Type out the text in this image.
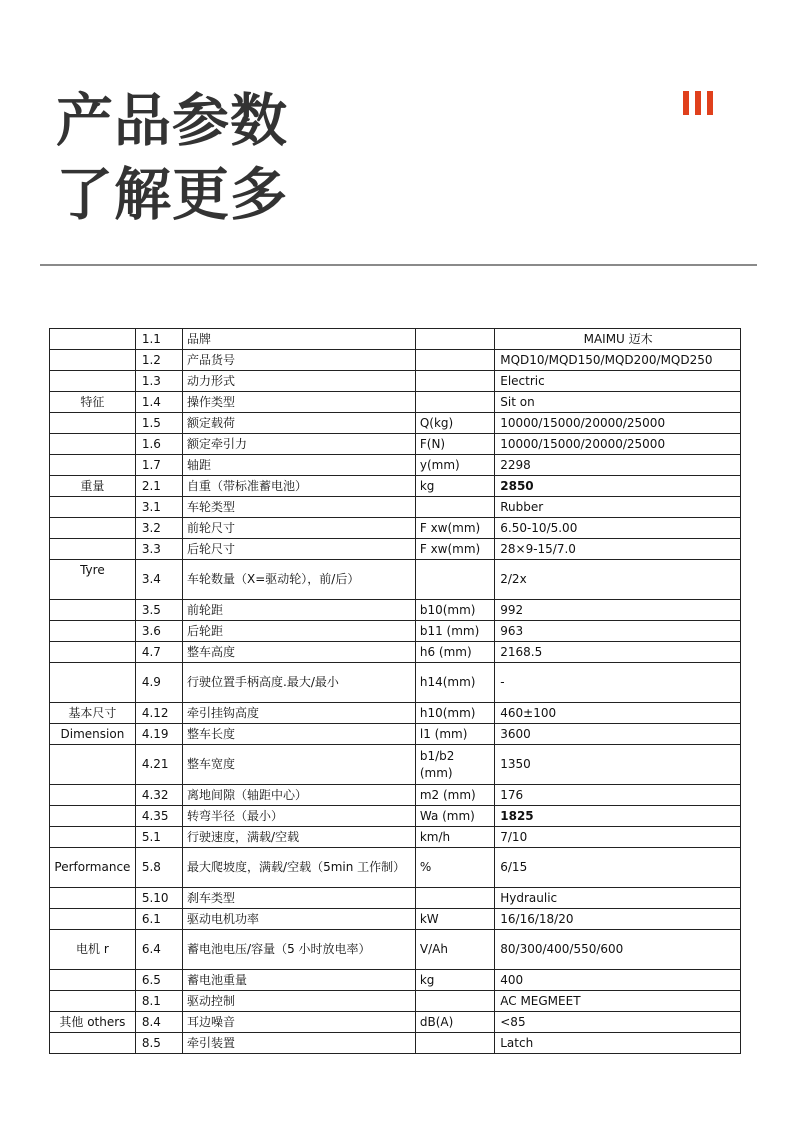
产品参数
了解更多
	1.1	品牌		MAIMU 迈木
	1.2	产品货号		MQD10/MQD150/MQD200/MQD250
	1.3	动力形式		Electric
特征	1.4	操作类型		Sit on
	1.5	额定载荷	Q(kg)	10000/15000/20000/25000
	1.6	额定牵引力	F(N)	10000/15000/20000/25000
	1.7	轴距	y(mm)	2298
重量	2.1	自重（带标准蓄电池）	kg	2850
	3.1	车轮类型		Rubber
	3.2	前轮尺寸	F xw(mm)	6.50-10/5.00
	3.3	后轮尺寸	F xw(mm)	28×9-15/7.0
Tyre	3.4	车轮数量（X=驱动轮），前/后）		2/2x
	3.5	前轮距	b10(mm)	992
	3.6	后轮距	b11 (mm)	963
	4.7	整车高度	h6 (mm)	2168.5
	4.9	行驶位置手柄高度.最大/最小	h14(mm)	-
基本尺寸	4.12	牵引挂钩高度	h10(mm)	460±100
Dimension	4.19	整车长度	l1 (mm)	3600
	4.21	整车宽度	b1/b2 (mm)	1350
	4.32	离地间隙（轴距中心）	m2 (mm)	176
	4.35	转弯半径（最小）	Wa (mm)	1825
	5.1	行驶速度，满载/空载	km/h	7/10
Performance	5.8	最大爬坡度，满载/空载（5min 工作制）	%	6/15
	5.10	刹车类型		Hydraulic
	6.1	驱动电机功率	kW	16/16/18/20
电机 r	6.4	蓄电池电压/容量（5 小时放电率）	V/Ah	80/300/400/550/600
	6.5	蓄电池重量	kg	400
	8.1	驱动控制		AC MEGMEET
其他 others	8.4	耳边噪音	dB(A)	<85
	8.5	牵引装置		Latch
